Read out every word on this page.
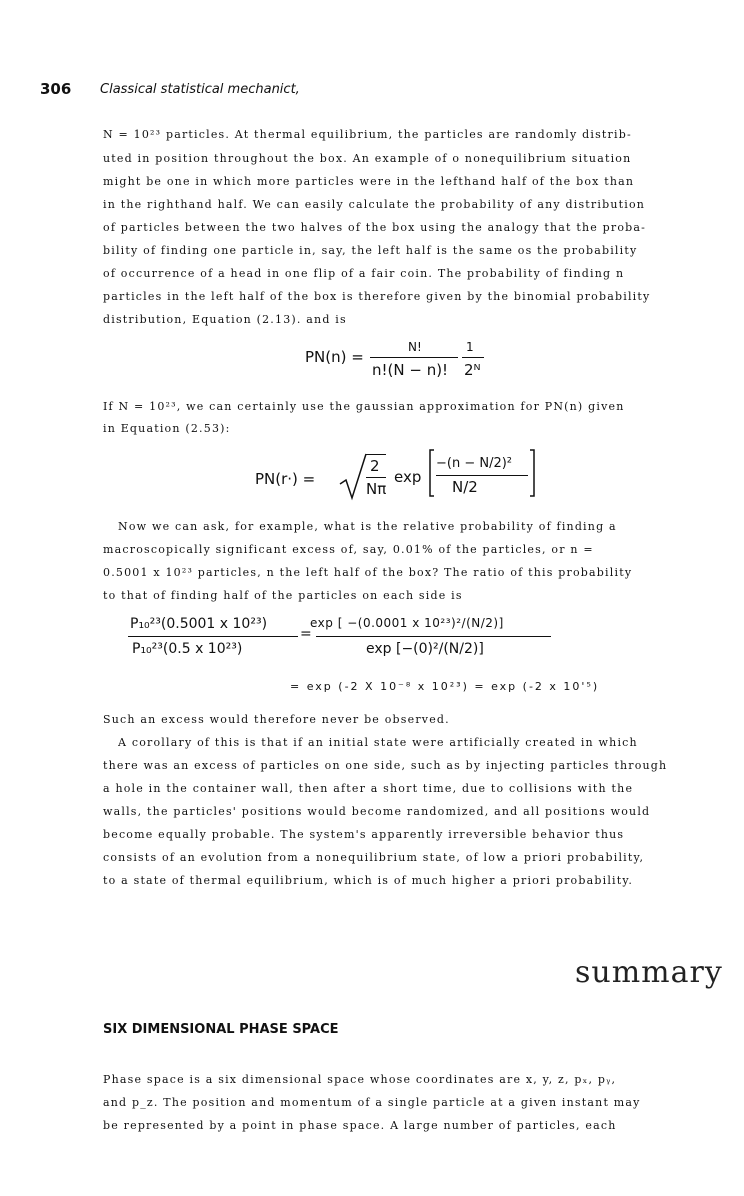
306 Classical statistical mechanict,
N = 10²³ particles. At thermal equilibrium, the particles are randomly distrib-
uted in position throughout the box. An example of o nonequilibrium situation
might be one in which more particles were in the lefthand half of the box than
in the righthand half. We can easily calculate the probability of any distribution
of particles between the two halves of the box using the analogy that the proba-
bility of finding one particle in, say, the left half is the same os the probability
of occurrence of a head in one flip of a fair coin. The probability of finding n
particles in the left half of the box is therefore given by the binomial probability
distribution, Equation (2.13). and is
PN(n) =
N!
n!(N − n)!
1
2ᴺ
If N = 10²³, we can certainly use the gaussian approximation for PN(n) given
in Equation (2.53):
PN(r·) =
2
Nπ
exp
−(n − N/2)²
N/2
Now we can ask, for example, what is the relative probability of finding a
macroscopically significant excess of, say, 0.01% of the particles, or n =
0.5001 x 10²³ particles, n the left half of the box? The ratio of this probability
to that of finding half of the particles on each side is
P₁₀²³(0.5001 x 10²³)
P₁₀²³(0.5 x 10²³)
=
exp [ −(0.0001 x 10²³)²/(N/2)]
exp [−(0)²/(N/2)]
= exp (-2 X 10⁻⁸ x 10²³) = exp (-2 x 10'⁵)
Such an excess would therefore never be observed.
A corollary of this is that if an initial state were artificially created in which
there was an excess of particles on one side, such as by injecting particles through
a hole in the container wall, then after a short time, due to collisions with the
walls, the particles' positions would become randomized, and all positions would
become equally probable. The system's apparently irreversible behavior thus
consists of an evolution from a nonequilibrium state, of low a priori probability,
to a state of thermal equilibrium, which is of much higher a priori probability.
summary
SIX DIMENSIONAL PHASE SPACE
Phase space is a six dimensional space whose coordinates are x, y, z, pₓ, pᵧ,
and p_z. The position and momentum of a single particle at a given instant may
be represented by a point in phase space. A large number of particles, each
